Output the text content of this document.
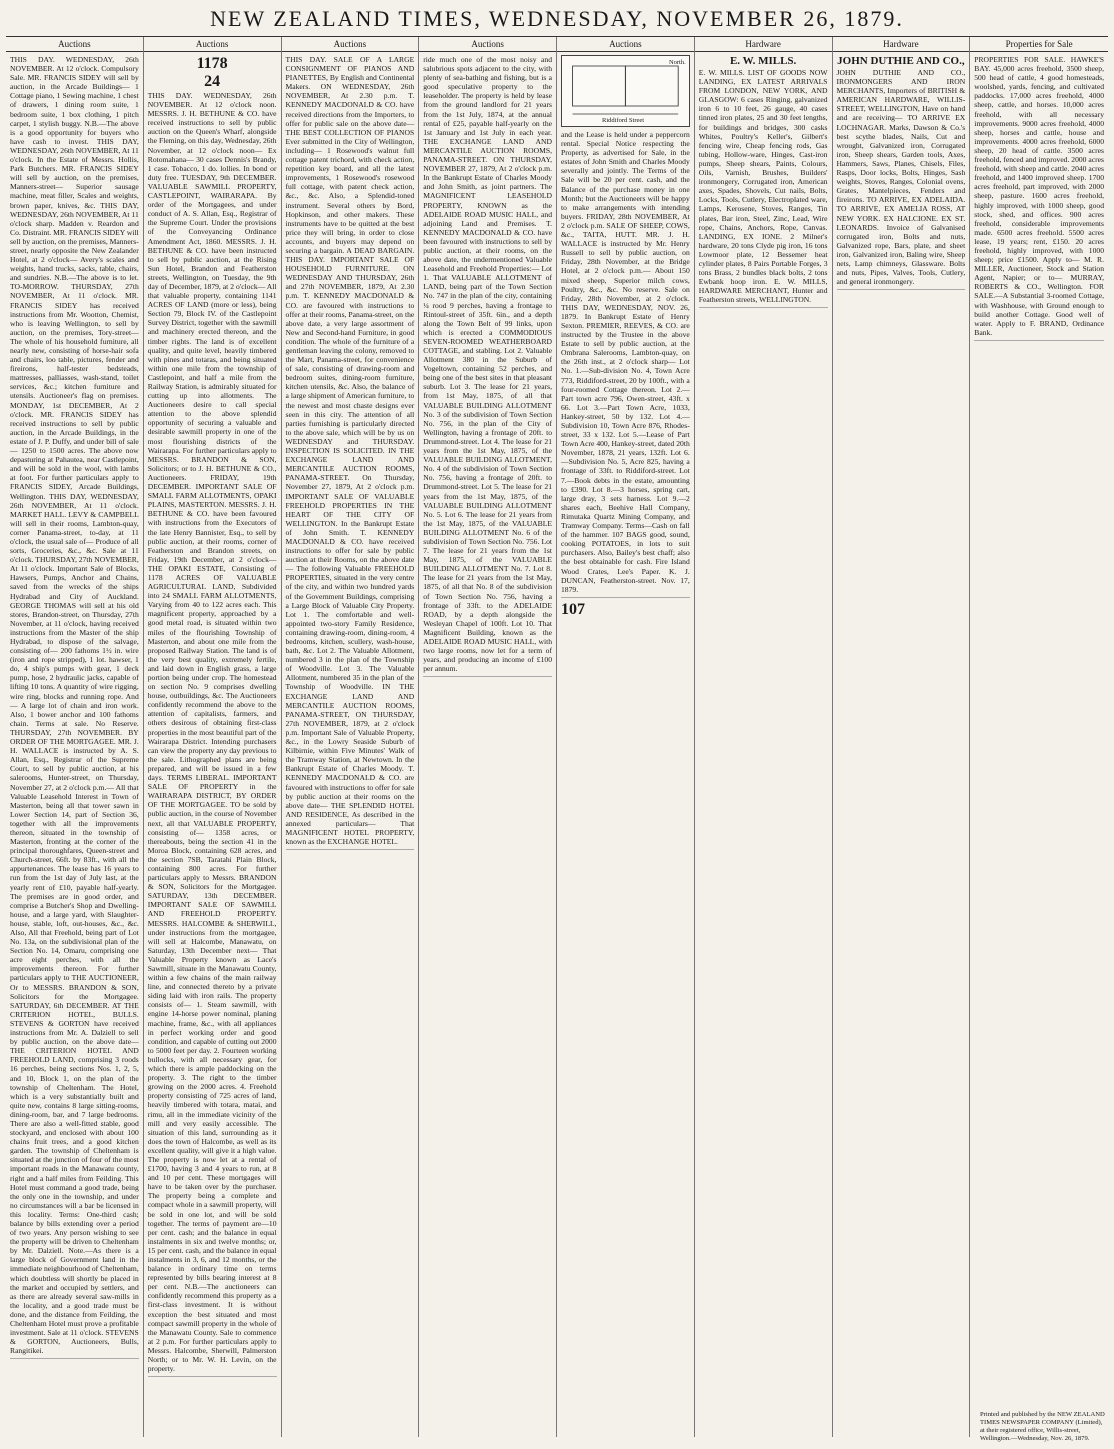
NEW ZEALAND TIMES, WEDNESDAY, NOVEMBER 26, 1879.
Auctions
THIS DAY. WEDNESDAY, 26th NOVEMBER. At 12 o'clock. Compulsory Sale. MR. FRANCIS SIDEY will sell by auction, in the Arcade Buildings— 1 Cottage piano, 1 Sewing machine, 1 chest of drawers, 1 dining room suite, 1 bedroom suite, 1 box clothing, 1 pitch carpet, 1 stylish buggy. N.B.—The above is a good opportunity for buyers who have cash to invest. THIS DAY, WEDNESDAY, 26th NOVEMBER, At 11 o'clock. In the Estate of Messrs. Hollis, Park Butchers. MR. FRANCIS SIDEY will sell by auction, on the premises, Manners-street— Superior sausage machine, meat filler, Scales and weights, brown paper, knives, &c. THIS DAY, WEDNESDAY, 26th NOVEMBER, At 11 o'clock sharp. Madden v. Reardon and Co. Distraint. MR. FRANCIS SIDEY will sell by auction, on the premises, Manners-street, nearly opposite the New Zealander Hotel, at 2 o'clock— Avery's scales and weights, hand trucks, sacks, table, chairs, and sundries. N.B.—The above is to let. TO-MORROW. THURSDAY, 27th NOVEMBER, At 11 o'clock. MR. FRANCIS SIDEY has received instructions from Mr. Wootton, Chemist, who is leaving Wellington, to sell by auction, on the premises, Tory-street— The whole of his household furniture, all nearly new, consisting of horse-hair sofa and chairs, loo table, pictures, fender and fireirons, half-tester bedsteads, mattresses, palliasses, wash-stand, toilet services, &c.; kitchen furniture and utensils. Auctioneer's flag on premises. MONDAY, 1st DECEMBER, At 2 o'clock. MR. FRANCIS SIDEY has received instructions to sell by public auction, in the Arcade Buildings, in the estate of J. P. Duffy, and under bill of sale— 1250 to 1500 acres. The above now depasturing at Pahautea, near Castlepoint, and will be sold in the wool, with lambs at foot. For further particulars apply to FRANCIS SIDEY, Arcade Buildings, Wellington. THIS DAY, WEDNESDAY, 26th NOVEMBER, At 11 o'clock. MARKET HALL. LEVY & CAMPBELL will sell in their rooms, Lambton-quay, corner Panama-street, to-day, at 11 o'clock, the usual sale of— Produce of all sorts, Groceries, &c., &c. Sale at 11 o'clock. THURSDAY, 27th NOVEMBER, At 11 o'clock. Important Sale of Blocks, Hawsers, Pumps, Anchor and Chains, saved from the wrecks of the ships Hydrabad and City of Auckland. GEORGE THOMAS will sell at his old stores, Brandon-street, on Thursday, 27th November, at 11 o'clock, having received instructions from the Master of the ship Hydrabad, to dispose of the salvage, consisting of— 200 fathoms 1½ in. wire (iron and rope stripped), 1 lot. hawser, 1 do, 4 ship's pumps with gear, 1 deck pump, hose, 2 hydraulic jacks, capable of lifting 10 tons. A quantity of wire rigging, wire ring, blocks and running rope. And— A large lot of chain and iron work. Also, 1 bower anchor and 100 fathoms chain. Terms at sale. No Reserve. THURSDAY, 27th NOVEMBER. BY ORDER OF THE MORTGAGEE. MR. J. H. WALLACE is instructed by A. S. Allan, Esq., Registrar of the Supreme Court, to sell by public auction, at his salerooms, Hunter-street, on Thursday, November 27, at 2 o'clock p.m.— All that Valuable Leasehold Interest in Town of Masterton, being all that tower sawn in Lower Section 14, part of Section 36, together with all the improvements thereon, situated in the township of Masterton, fronting at the corner of the principal thoroughfares, Queen-street and Church-street, 66ft. by 83ft., with all the appurtenances. The lease has 16 years to run from the 1st day of July last, at the yearly rent of £10, payable half-yearly. The premises are in good order, and comprise a Butcher's Shop and Dwelling-house, and a large yard, with Slaughter-house, stable, loft, out-houses, &c., &c. Also, All that Freehold, being part of Lot No. 13a, on the subdivisional plan of the Section No. 14, Omaru, comprising one acre eight perches, with all the improvements thereon. For further particulars apply to THE AUCTIONEER, Or to MESSRS. BRANDON & SON, Solicitors for the Mortgagee. SATURDAY, 6th DECEMBER. AT THE CRITERION HOTEL, BULLS. STEVENS & GORTON have received instructions from Mr. A. Dalziell to sell by public auction, on the above date— THE CRITERION HOTEL AND FREEHOLD LAND, comprising 3 roods 16 perches, being sections Nos. 1, 2, 5, and 10, Block 1, on the plan of the township of Cheltenham. The Hotel, which is a very substantially built and quite new, contains 8 large sitting-rooms, dining-room, bar, and 7 large bedrooms. There are also a well-fitted stable, good stockyard, and enclosed with about 100 chains fruit trees, and a good kitchen garden. The township of Cheltenham is situated at the junction of four of the most important roads in the Manawatu county, right and a half miles from Feilding. This Hotel must command a good trade, being the only one in the township, and under no circumstances will a bar be licensed in this locality. Terms: One-third cash; balance by bills extending over a period of two years. Any person wishing to see the property will be driven to Cheltenham by Mr. Dalziell. Note.—As there is a large block of Government land in the immediate neighbourhood of Cheltenham, which doubtless will shortly be placed in the market and occupied by settlers, and as there are already several saw-mills in the locality, and a good trade must be done, and the distance from Feilding, the Cheltenham Hotel must prove a profitable investment. Sale at 11 o'clock. STEVENS & GORTON, Auctioneers, Bulls, Rangitikei.
Auctions
1178
24
THIS DAY. WEDNESDAY, 26th NOVEMBER. At 12 o'clock noon. MESSRS. J. H. BETHUNE & CO. have received instructions to sell by public auction on the Queen's Wharf, alongside the Fleming, on this day, Wednesday, 26th November, at 12 o'clock noon— Ex Rotomahana— 30 cases Dennis's Brandy, 1 case. Tobacco, 1 do. lollies. In bond or duty free. TUESDAY, 9th DECEMBER. VALUABLE SAWMILL PROPERTY, CASTLEPOINT, WAIRARAPA. By order of the Mortgagees, and under conduct of A. S. Allan, Esq., Registrar of the Supreme Court. Under the provisions of the Conveyancing Ordinance Amendment Act, 1860. MESSRS. J. H. BETHUNE & CO. have been instructed to sell by public auction, at the Rising Sun Hotel, Brandon and Featherston streets, Wellington, on Tuesday, the 9th day of December, 1879, at 2 o'clock— All that valuable property, containing 1141 ACRES OF LAND (more or less), being Section 79, Block IV. of the Castlepoint Survey District, together with the sawmill and machinery erected thereon, and the timber rights. The land is of excellent quality, and quite level, heavily timbered with pines and totaras, and being situated within one mile from the township of Castlepoint, and half a mile from the Railway Station, is admirably situated for cutting up into allotments. The Auctioneers desire to call special attention to the above splendid opportunity of securing a valuable and desirable sawmill property in one of the most flourishing districts of the Wairarapa. For further particulars apply to MESSRS. BRANDON & SON, Solicitors; or to J. H. BETHUNE & CO., Auctioneers. FRIDAY, 19th DECEMBER. IMPORTANT SALE OF SMALL FARM ALLOTMENTS, OPAKI PLAINS, MASTERTON. MESSRS. J. H. BETHUNE & CO. have been favoured with instructions from the Executors of the late Henry Bannister, Esq., to sell by public auction, at their rooms, corner of Featherston and Brandon streets, on Friday, 19th December, at 2 o'clock— THE OPAKI ESTATE, Consisting of 1178 ACRES OF VALUABLE AGRICULTURAL LAND, Subdivided into 24 SMALL FARM ALLOTMENTS, Varying from 40 to 122 acres each. This magnificent property, approached by a good metal road, is situated within two miles of the flourishing Township of Masterton, and about one mile from the proposed Railway Station. The land is of the very best quality, extremely fertile, and laid down in English grass, a large portion being under crop. The homestead on section No. 9 comprises dwelling house, outbuildings, &c. The Auctioneers confidently recommend the above to the attention of capitalists, farmers, and others desirous of obtaining first-class properties in the most beautiful part of the Wairarapa District. Intending purchasers can view the property any day previous to the sale. Lithographed plans are being prepared, and will be issued in a few days. TERMS LIBERAL. IMPORTANT SALE OF PROPERTY in the WAIRARAPA DISTRICT, BY ORDER OF THE MORTGAGEE. TO be sold by public auction, in the course of November next, all that VALUABLE PROPERTY, consisting of— 1358 acres, or thereabouts, being the section 41 in the Moroa Block, containing 628 acres, and the section 7SB, Taratahi Plain Block, containing 800 acres. For further particulars apply to Messrs. BRANDON & SON, Solicitors for the Mortgagee. SATURDAY, 13th DECEMBER. IMPORTANT SALE OF SAWMILL AND FREEHOLD PROPERTY. MESSRS. HALCOMBE & SHERWILL, under instructions from the mortgagee, will sell at Halcombe, Manawatu, on Saturday, 13th December next— That Valuable Property known as Lace's Sawmill, situate in the Manawatu County, within a few chains of the main railway line, and connected thereto by a private siding laid with iron rails. The property consists of— 1. Steam sawmill, with engine 14-horse power nominal, planing machine, frame, &c., with all appliances in perfect working order and good condition, and capable of cutting out 2000 to 5000 feet per day. 2. Fourteen working bullocks, with all necessary gear, for which there is ample paddocking on the property. 3. The right to the timber growing on the 2000 acres. 4. Freehold property consisting of 725 acres of land, heavily timbered with totara, matai, and rimu, all in the immediate vicinity of the mill and very easily accessible. The situation of this land, surrounding as it does the town of Halcombe, as well as its excellent quality, will give it a high value. The property is now let at a rental of £1700, having 3 and 4 years to run, at 8 and 10 per cent. These mortgages will have to be taken over by the purchaser. The property being a complete and compact whole in a sawmill property, will be sold in one lot, and will be sold together. The terms of payment are—10 per cent. cash; and the balance in equal instalments in six and twelve months; or, 15 per cent. cash, and the balance in equal instalments in 3, 6, and 12 months, or the balance in ordinary time on terms represented by bills bearing interest at 8 per cent. N.B.—The auctioneers can confidently recommend this property as a first-class investment. It is without exception the best situated and most compact sawmill property in the whole of the Manawatu County. Sale to commence at 2 p.m. For further particulars apply to Messrs. Halcombe, Sherwill, Palmerston North; or to Mr. W. H. Levin, on the property.
Auctions
THIS DAY. SALE OF A LARGE CONSIGNMENT OF PIANOS AND PIANETTES, By English and Continental Makers. ON WEDNESDAY, 26th NOVEMBER, At 2.30 p.m. T. KENNEDY MACDONALD & CO. have received directions from the Importers, to offer for public sale on the above date— THE BEST COLLECTION OF PIANOS Ever submitted in the City of Wellington, including— 1 Rosewood's walnut full cottage patent trichord, with check action, repetition key board, and all the latest improvements, 1 Rosewood's rosewood full cottage, with patent check action, &c., &c. Also, a Splendid-toned instrument. Several others by Bord, Hopkinson, and other makers. These instruments have to be quitted at the best price they will bring, in order to close accounts, and buyers may depend on securing a bargain. A DEAD BARGAIN. THIS DAY. IMPORTANT SALE OF HOUSEHOLD FURNITURE. ON WEDNESDAY AND THURSDAY, 26th and 27th NOVEMBER, 1879, At 2.30 p.m. T. KENNEDY MACDONALD & CO. are favoured with instructions to offer at their rooms, Panama-street, on the above date, a very large assortment of New and Second-hand Furniture, in good condition. The whole of the furniture of a gentleman leaving the colony, removed to the Mart, Panama-street, for convenience of sale, consisting of drawing-room and bedroom suites, dining-room furniture, kitchen utensils, &c. Also, the balance of a large shipment of American furniture, to the newest and most chaste designs ever seen in this city. The attention of all parties furnishing is particularly directed to the above sale, which will be by us on WEDNESDAY and THURSDAY. INSPECTION IS SOLICITED. IN THE EXCHANGE LAND AND MERCANTILE AUCTION ROOMS, PANAMA-STREET. On Thursday, November 27, 1879, At 2 o'clock p.m. IMPORTANT SALE OF VALUABLE FREEHOLD PROPERTIES IN THE HEART OF THE CITY OF WELLINGTON. In the Bankrupt Estate of John Smith. T. KENNEDY MACDONALD & CO. have received instructions to offer for sale by public auction at their Rooms, on the above date— The following Valuable FREEHOLD PROPERTIES, situated in the very centre of the city, and within two hundred yards of the Government Buildings, comprising a Large Block of Valuable City Property. Lot 1. The comfortable and well-appointed two-story Family Residence, containing drawing-room, dining-room, 4 bedrooms, kitchen, scullery, wash-house, bath, &c. Lot 2. The Valuable Allotment, numbered 3 in the plan of the Township of Woodville. Lot 3. The Valuable Allotment, numbered 35 in the plan of the Township of Woodville. IN THE EXCHANGE LAND AND MERCANTILE AUCTION ROOMS, PANAMA-STREET, ON THURSDAY, 27th NOVEMBER, 1879, at 2 o'clock p.m. Important Sale of Valuable Property, &c., in the Lowry Seaside Suburb of Kilbirnie, within Five Minutes' Walk of the Tramway Station, at Newtown. In the Bankrupt Estate of Charles Moody. T. KENNEDY MACDONALD & CO. are favoured with instructions to offer for sale by public auction at their rooms on the above date— THE SPLENDID HOTEL AND RESIDENCE, As described in the annexed particulars— That MAGNIFICENT HOTEL PROPERTY, known as the EXCHANGE HOTEL.
Auctions
ride much one of the most noisy and salubrious spots adjacent to the city, with plenty of sea-bathing and fishing, but is a good speculative property to the leaseholder. The property is held by lease from the ground landlord for 21 years from the 1st July, 1874, at the annual rental of £25, payable half-yearly on the 1st January and 1st July in each year. THE EXCHANGE LAND AND MERCANTILE AUCTION ROOMS, PANAMA-STREET. ON THURSDAY, NOVEMBER 27, 1879, At 2 o'clock p.m. In the Bankrupt Estate of Charles Moody and John Smith, as joint partners. The MAGNIFICENT LEASEHOLD PROPERTY, KNOWN as the ADELAIDE ROAD MUSIC HALL, and adjoining Land and Premises. T. KENNEDY MACDONALD & CO. have been favoured with instructions to sell by public auction, at their rooms, on the above date, the undermentioned Valuable Leasehold and Freehold Properties:— Lot 1. That VALUABLE ALLOTMENT of LAND, being part of the Town Section No. 747 in the plan of the city, containing ¼ rood 9 perches, having a frontage to Rintoul-street of 35ft. 6in., and a depth along the Town Belt of 99 links, upon which is erected a COMMODIOUS SEVEN-ROOMED WEATHERBOARD COTTAGE, and stabling. Lot 2. Valuable Allotment 380 in the Suburb of Vogeltown, containing 52 perches, and being one of the best sites in that pleasant suburb. Lot 3. The lease for 21 years, from 1st May, 1875, of all that VALUABLE BUILDING ALLOTMENT No. 3 of the subdivision of Town Section No. 756, in the plan of the City of Wellington, having a frontage of 20ft. to Drummond-street. Lot 4. The lease for 21 years from the 1st May, 1875, of the VALUABLE BUILDING ALLOTMENT, No. 4 of the subdivision of Town Section No. 756, having a frontage of 20ft. to Drummond-street. Lot 5. The lease for 21 years from the 1st May, 1875, of the VALUABLE BUILDING ALLOTMENT No. 5. Lot 6. The lease for 21 years from the 1st May, 1875, of the VALUABLE BUILDING ALLOTMENT No. 6 of the subdivision of Town Section No. 756. Lot 7. The lease for 21 years from the 1st May, 1875, of the VALUABLE BUILDING ALLOTMENT No. 7. Lot 8. The lease for 21 years from the 1st May, 1875, of all that No. 8 of the subdivision of Town Section No. 756, having a frontage of 33ft. to the ADELAIDE ROAD, by a depth alongside the Wesleyan Chapel of 100ft. Lot 10. That Magnificent Building, known as the ADELAIDE ROAD MUSIC HALL, with two large rooms, now let for a term of years, and producing an income of £100 per annum.
Auctions
North.
Riddiford Street
and the Lease is held under a peppercorn rental. Special Notice respecting the Property, as advertised for Sale, in the estates of John Smith and Charles Moody severally and jointly. The Terms of the Sale will be 20 per cent. cash, and the Balance of the purchase money in one Month; but the Auctioneers will be happy to make arrangements with intending buyers. FRIDAY, 28th NOVEMBER, At 2 o'clock p.m. SALE OF SHEEP, COWS, &c., TAITA, HUTT. MR. J. H. WALLACE is instructed by Mr. Henry Russell to sell by public auction, on Friday, 28th November, at the Bridge Hotel, at 2 o'clock p.m.— About 150 mixed sheep, Superior milch cows, Poultry, &c., &c. No reserve. Sale on Friday, 28th November, at 2 o'clock. THIS DAY, WEDNESDAY, NOV. 26, 1879. In Bankrupt Estate of Henry Sexton. PREMIER, REEVES, & CO. are instructed by the Trustee in the above Estate to sell by public auction, at the Ombrana Salerooms, Lambton-quay, on the 26th inst., at 2 o'clock sharp— Lot No. 1.—Sub-division No. 4, Town Acre 773, Riddiford-street, 20 by 100ft., with a four-roomed Cottage thereon. Lot 2.—Part town acre 796, Owen-street, 43ft. x 66. Lot 3.—Part Town Acre, 1033, Hankey-street, 50 by 132. Lot 4.—Subdivision 10, Town Acre 876, Rhodes-street, 33 x 132. Lot 5.—Lease of Part Town Acre 400, Hankey-street, dated 20th November, 1878, 21 years, 132ft. Lot 6.—Subdivision No. 5, Acre 825, having a frontage of 33ft. to Riddiford-street. Lot 7.—Book debts in the estate, amounting to £390. Lot 8.—3 horses, spring cart, large dray, 3 sets harness. Lot 9.—2 shares each, Beehive Hall Company, Rimutaka Quartz Mining Company, and Tramway Company. Terms—Cash on fall of the hammer. 107 BAGS good, sound, cooking POTATOES, in lots to suit purchasers. Also, Bailey's best chaff; also the best obtainable for cash. Fire Island Wood Crates, Lee's Paper. K. J. DUNCAN, Featherston-street. Nov. 17, 1879.
107
Hardware
E. W. MILLS.
E. W. MILLS. LIST OF GOODS NOW LANDING, EX LATEST ARRIVALS FROM LONDON, NEW YORK, AND GLASGOW: 6 cases Ringing, galvanized iron 6 to 10 feet, 26 gauge, 40 cases tinned iron plates, 25 and 30 feet lengths, for buildings and bridges, 300 casks Whites, Poultry's Keller's, Gilbert's fencing wire, Cheap fencing rods, Gas tubing, Hollow-ware, Hinges, Cast-iron pumps, Sheep shears, Paints, Colours, Oils, Varnish, Brushes, Builders' ironmongery, Corrugated iron, American axes, Spades, Shovels, Cut nails, Bolts, Locks, Tools, Cutlery, Electroplated ware, Lamps, Kerosene, Stoves, Ranges, Tin plates, Bar iron, Steel, Zinc, Lead, Wire rope, Chains, Anchors, Rope, Canvas. LANDING, EX IONE. 2 Milner's hardware, 20 tons Clyde pig iron, 16 tons Lowmoor plate, 12 Bessemer heat cylinder plates, 8 Pairs Portable Forges, 3 tons Brass, 2 bundles black bolts, 2 tons Ewbank hoop iron. E. W. MILLS, HARDWARE MERCHANT, Hunter and Featherston streets, WELLINGTON.
Hardware
JOHN DUTHIE AND CO.,
JOHN DUTHIE AND CO., IRONMONGERS AND IRON MERCHANTS, Importers of BRITISH & AMERICAN HARDWARE, WILLIS-STREET, WELLINGTON, Have on hand and are receiving— TO ARRIVE EX LOCHNAGAR. Marks, Dawson & Co.'s best scythe blades, Nails, Cut and wrought, Galvanized iron, Corrugated iron, Sheep shears, Garden tools, Axes, Hammers, Saws, Planes, Chisels, Files, Rasps, Door locks, Bolts, Hinges, Sash weights, Stoves, Ranges, Colonial ovens, Grates, Mantelpieces, Fenders and fireirons. TO ARRIVE, EX ADELAIDA. TO ARRIVE, EX AMELIA ROSS, AT NEW YORK. EX HALCIONE. EX ST. LEONARDS. Invoice of Galvanised corrugated iron, Bolts and nuts, Galvanized rope, Bars, plate, and sheet iron, Galvanized iron, Baling wire, Sheep nets, Lamp chimneys, Glassware. Bolts and nuts, Pipes, Valves, Tools, Cutlery, and general ironmongery.
Properties for Sale
PROPERTIES FOR SALE. HAWKE'S BAY. 45,000 acres freehold, 3500 sheep, 500 head of cattle, 4 good homesteads, woolshed, yards, fencing, and cultivated paddocks. 17,000 acres freehold, 4000 sheep, cattle, and horses. 10,000 acres freehold, with all necessary improvements. 9000 acres freehold, 4000 sheep, horses and cattle, house and improvements. 4000 acres freehold, 6000 sheep, 20 head of cattle. 3500 acres freehold, fenced and improved. 2000 acres freehold, with sheep and cattle. 2040 acres freehold, and 1400 improved sheep. 1700 acres freehold, part improved, with 2000 sheep, pasture. 1600 acres freehold, highly improved, with 1000 sheep, good stock, shed, and offices. 900 acres freehold, considerable improvements made. 6500 acres freehold. 5500 acres lease, 19 years; rent, £150. 20 acres freehold, highly improved, with 1000 sheep; price £1500. Apply to— M. R. MILLER, Auctioneer, Stock and Station Agent, Napier; or to— MURRAY, ROBERTS & CO., Wellington. FOR SALE.—A Substantial 3-roomed Cottage, with Washhouse, with Ground enough to build another Cottage. Good well of water. Apply to F. BRAND, Ordinance Bank.
Printed and published by the NEW ZEALAND TIMES NEWSPAPER COMPANY (Limited), at their registered office, Willis-street, Wellington.—Wednesday, Nov. 26, 1879.
